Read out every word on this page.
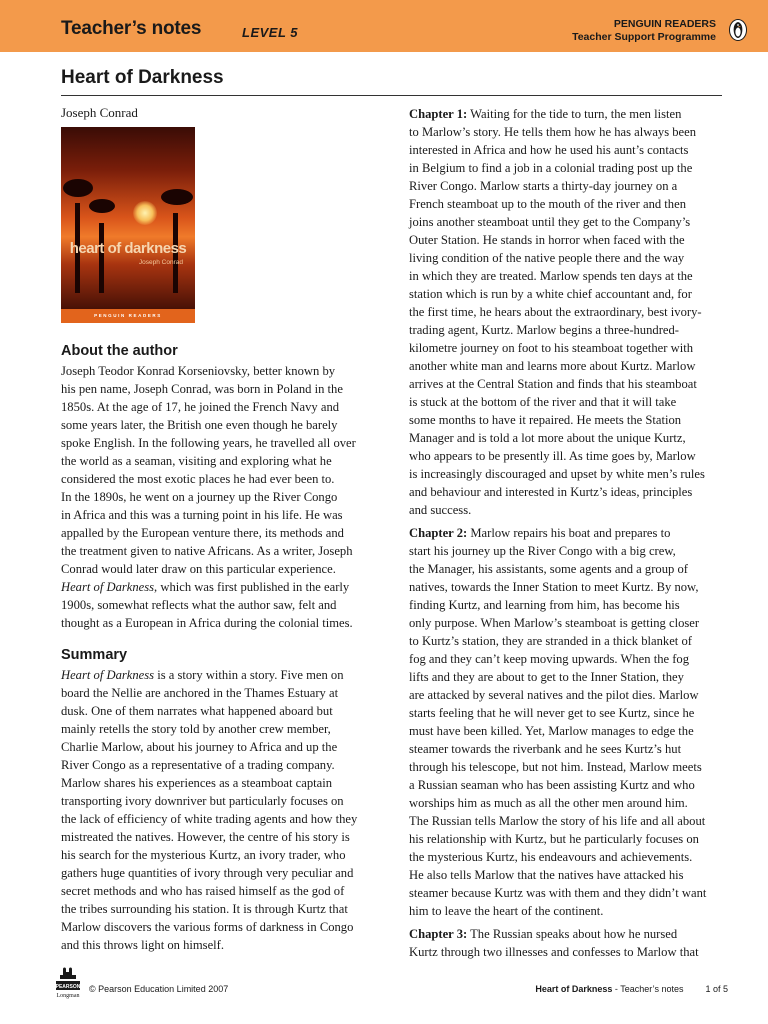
Teacher’s notes	LEVEL 5
PENGUIN READERS
Teacher Support Programme
Heart of Darkness
Joseph Conrad
heart of darkness
Joseph Conrad
PENGUIN READERS
About the author
Joseph Teodor Konrad Korseniovsky, better known by
his pen name, Joseph Conrad, was born in Poland in the
1850s. At the age of 17, he joined the French Navy and
some years later, the British one even though he barely
spoke English. In the following years, he travelled all over
the world as a seaman, visiting and exploring what he
considered the most exotic places he had ever been to.
In the 1890s, he went on a journey up the River Congo
in Africa and this was a turning point in his life. He was
appalled by the European venture there, its methods and
the treatment given to native Africans. As a writer, Joseph
Conrad would later draw on this particular experience.
Heart of Darkness, which was first published in the early
1900s, somewhat reflects what the author saw, felt and
thought as a European in Africa during the colonial times.
Summary
Heart of Darkness is a story within a story. Five men on
board the Nellie are anchored in the Thames Estuary at
dusk. One of them narrates what happened aboard but
mainly retells the story told by another crew member,
Charlie Marlow, about his journey to Africa and up the
River Congo as a representative of a trading company.
Marlow shares his experiences as a steamboat captain
transporting ivory downriver but particularly focuses on
the lack of efficiency of white trading agents and how they
mistreated the natives. However, the centre of his story is
his search for the mysterious Kurtz, an ivory trader, who
gathers huge quantities of ivory through very peculiar and
secret methods and who has raised himself as the god of
the tribes surrounding his station. It is through Kurtz that
Marlow discovers the various forms of darkness in Congo
and this throws light on himself.
Chapter 1: Waiting for the tide to turn, the men listen
to Marlow’s story. He tells them how he has always been
interested in Africa and how he used his aunt’s contacts
in Belgium to find a job in a colonial trading post up the
River Congo. Marlow starts a thirty-day journey on a
French steamboat up to the mouth of the river and then
joins another steamboat until they get to the Company’s
Outer Station. He stands in horror when faced with the
living condition of the native people there and the way
in which they are treated. Marlow spends ten days at the
station which is run by a white chief accountant and, for
the first time, he hears about the extraordinary, best ivory-
trading agent, Kurtz. Marlow begins a three-hundred-
kilometre journey on foot to his steamboat together with
another white man and learns more about Kurtz. Marlow
arrives at the Central Station and finds that his steamboat
is stuck at the bottom of the river and that it will take
some months to have it repaired. He meets the Station
Manager and is told a lot more about the unique Kurtz,
who appears to be presently ill. As time goes by, Marlow
is increasingly discouraged and upset by white men’s rules
and behaviour and interested in Kurtz’s ideas, principles
and success.
Chapter 2: Marlow repairs his boat and prepares to
start his journey up the River Congo with a big crew,
the Manager, his assistants, some agents and a group of
natives, towards the Inner Station to meet Kurtz. By now,
finding Kurtz, and learning from him, has become his
only purpose. When Marlow’s steamboat is getting closer
to Kurtz’s station, they are stranded in a thick blanket of
fog and they can’t keep moving upwards. When the fog
lifts and they are about to get to the Inner Station, they
are attacked by several natives and the pilot dies. Marlow
starts feeling that he will never get to see Kurtz, since he
must have been killed. Yet, Marlow manages to edge the
steamer towards the riverbank and he sees Kurtz’s hut
through his telescope, but not him. Instead, Marlow meets
a Russian seaman who has been assisting Kurtz and who
worships him as much as all the other men around him.
The Russian tells Marlow the story of his life and all about
his relationship with Kurtz, but he particularly focuses on
the mysterious Kurtz, his endeavours and achievements.
He also tells Marlow that the natives have attacked his
steamer because Kurtz was with them and they didn’t want
him to leave the heart of the continent.
Chapter 3: The Russian speaks about how he nursed
Kurtz through two illnesses and confesses to Marlow that
PEARSON
Longman
© Pearson Education Limited 2007	Heart of Darkness - Teacher’s notes 1 of 5
